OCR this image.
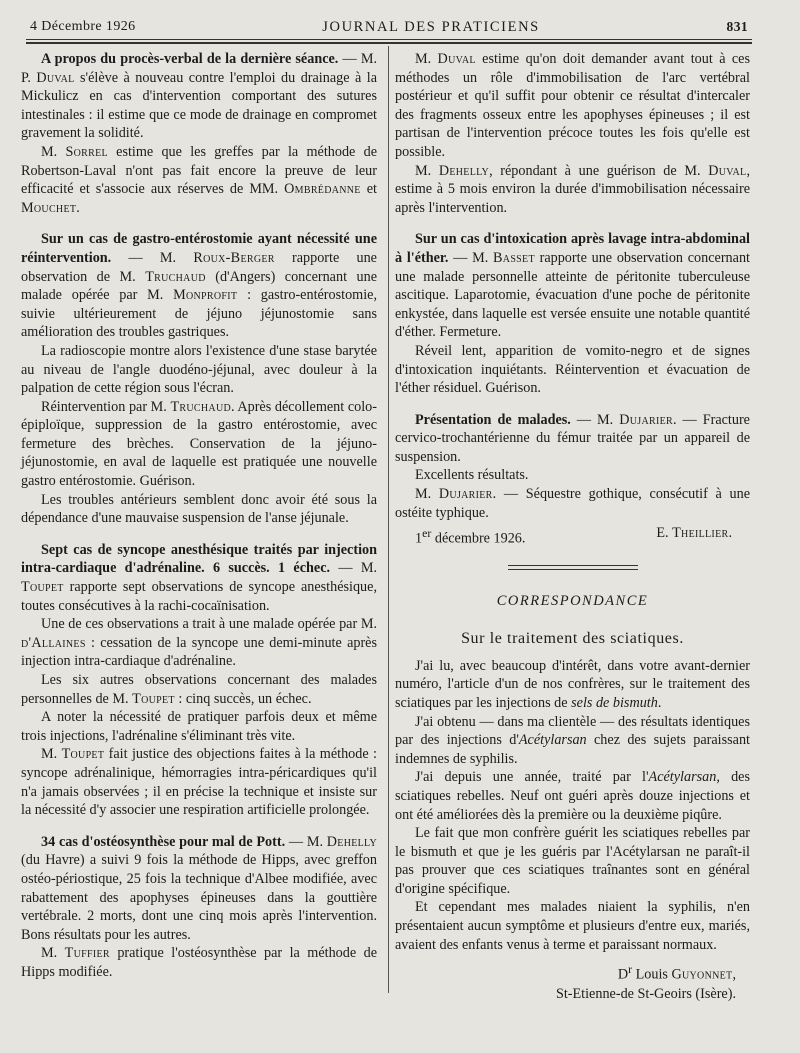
4 Décembre 1926	JOURNAL DES PRATICIENS	831

A propos du procès-verbal de la dernière séance. — M. P. Duval s'élève à nouveau contre l'emploi du drainage à la Mickulicz en cas d'intervention comportant des sutures intestinales : il estime que ce mode de drainage en compromet gravement la solidité.

M. Sorrel estime que les greffes par la méthode de Robertson-Laval n'ont pas fait encore la preuve de leur efficacité et s'associe aux réserves de MM. Ombrédanne et Mouchet.

Sur un cas de gastro-entérostomie ayant nécessité une réintervention. — M. Roux-Berger rapporte une observation de M. Truchaud (d'Angers) concernant une malade opérée par M. Monprofit : gastro-entérostomie, suivie ultérieurement de jéjuno jéjunostomie sans amélioration des troubles gastriques.

La radioscopie montre alors l'existence d'une stase barytée au niveau de l'angle duodéno-jéjunal, avec douleur à la palpation de cette région sous l'écran.

Réintervention par M. Truchaud. Après décollement colo-épiploïque, suppression de la gastro entérostomie, avec fermeture des brèches. Conservation de la jéjuno-jéjunostomie, en aval de laquelle est pratiquée une nouvelle gastro entérostomie. Guérison.

Les troubles antérieurs semblent donc avoir été sous la dépendance d'une mauvaise suspension de l'anse jéjunale.

Sept cas de syncope anesthésique traités par injection intra-cardiaque d'adrénaline. 6 succès. 1 échec. — M. Toupet rapporte sept observations de syncope anesthésique, toutes consécutives à la rachi-cocaïnisation.

Une de ces observations a trait à une malade opérée par M. d'Allaines : cessation de la syncope une demi-minute après injection intra-cardiaque d'adrénaline.

Les six autres observations concernant des malades personnelles de M. Toupet : cinq succès, un échec.

A noter la nécessité de pratiquer parfois deux et même trois injections, l'adrénaline s'éliminant très vite.

M. Toupet fait justice des objections faites à la méthode : syncope adrénalinique, hémorragies intra-péricardiques qu'il n'a jamais observées ; il en précise la technique et insiste sur la nécessité d'y associer une respiration artificielle prolongée.

34 cas d'ostéosynthèse pour mal de Pott. — M. Dehelly (du Havre) a suivi 9 fois la méthode de Hipps, avec greffon ostéo-périostique, 25 fois la technique d'Albee modifiée, avec rabattement des apophyses épineuses dans la gouttière vertébrale. 2 morts, dont une cinq mois après l'intervention. Bons résultats pour les autres.

M. Tuffier pratique l'ostéosynthèse par la méthode de Hipps modifiée.

M. Duval estime qu'on doit demander avant tout à ces méthodes un rôle d'immobilisation de l'arc vertébral postérieur et qu'il suffit pour obtenir ce résultat d'intercaler des fragments osseux entre les apophyses épineuses ; il est partisan de l'intervention précoce toutes les fois qu'elle est possible.

M. Dehelly, répondant à une guérison de M. Duval, estime à 5 mois environ la durée d'immobilisation nécessaire après l'intervention.

Sur un cas d'intoxication après lavage intra-abdominal à l'éther. — M. Basset rapporte une observation concernant une malade personnelle atteinte de péritonite tuberculeuse ascitique. Laparotomie, évacuation d'une poche de péritonite enkystée, dans laquelle est versée ensuite une notable quantité d'éther. Fermeture.

Réveil lent, apparition de vomito-negro et de signes d'intoxication inquiétants. Réintervention et évacuation de l'éther résiduel. Guérison.

Présentation de malades. — M. Dujarier. — Fracture cervico-trochantérienne du fémur traitée par un appareil de suspension.

Excellents résultats.

M. Dujarier. — Séquestre gothique, consécutif à une ostéite typhique.

1er décembre 1926.	E. Theillier.
CORRESPONDANCE
Sur le traitement des sciatiques.

J'ai lu, avec beaucoup d'intérêt, dans votre avant-dernier numéro, l'article d'un de nos confrères, sur le traitement des sciatiques par les injections de sels de bismuth.

J'ai obtenu — dans ma clientèle — des résultats identiques par des injections d'Acétylarsan chez des sujets paraissant indemnes de syphilis.

J'ai depuis une année, traité par l'Acétylarsan, des sciatiques rebelles. Neuf ont guéri après douze injections et ont été améliorées dès la première ou la deuxième piqûre.

Le fait que mon confrère guérit les sciatiques rebelles par le bismuth et que je les guéris par l'Acétylarsan ne paraît-il pas prouver que ces sciatiques traînantes sont en général d'origine spécifique.

Et cependant mes malades niaient la syphilis, n'en présentaient aucun symptôme et plusieurs d'entre eux, mariés, avaient des enfants venus à terme et paraissant normaux.

$D^r$ Louis Guyonnet,
St-Etienne-de St-Geoirs (Isère).
